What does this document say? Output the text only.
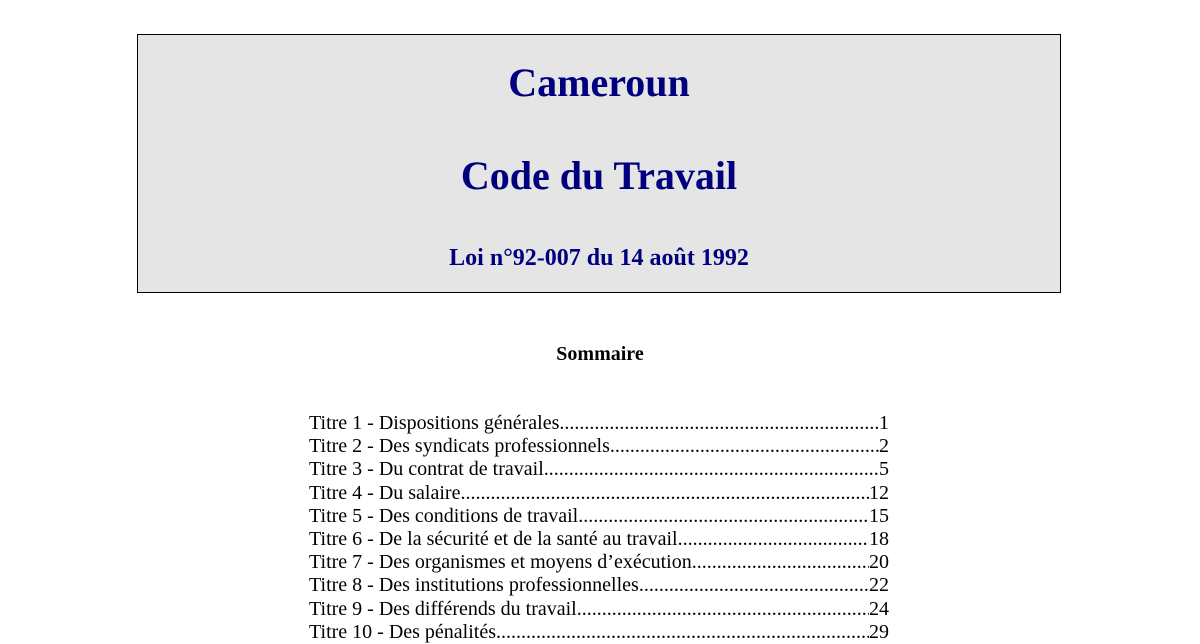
Cameroun
Code du Travail
Loi n°92-007 du 14 août 1992
Sommaire
Titre 1 - Dispositions générales .....	1
Titre 2 - Des syndicats professionnels .....	2
Titre 3 - Du contrat de travail .....	5
Titre 4 - Du salaire .....	12
Titre 5 - Des conditions de travail .....	15
Titre 6 - De la sécurité et de la santé au travail .....	18
Titre 7 - Des organismes et moyens d’exécution .....	20
Titre 8 - Des institutions professionnelles .....	22
Titre 9 - Des différends du travail .....	24
Titre 10 - Des pénalités .....	29
